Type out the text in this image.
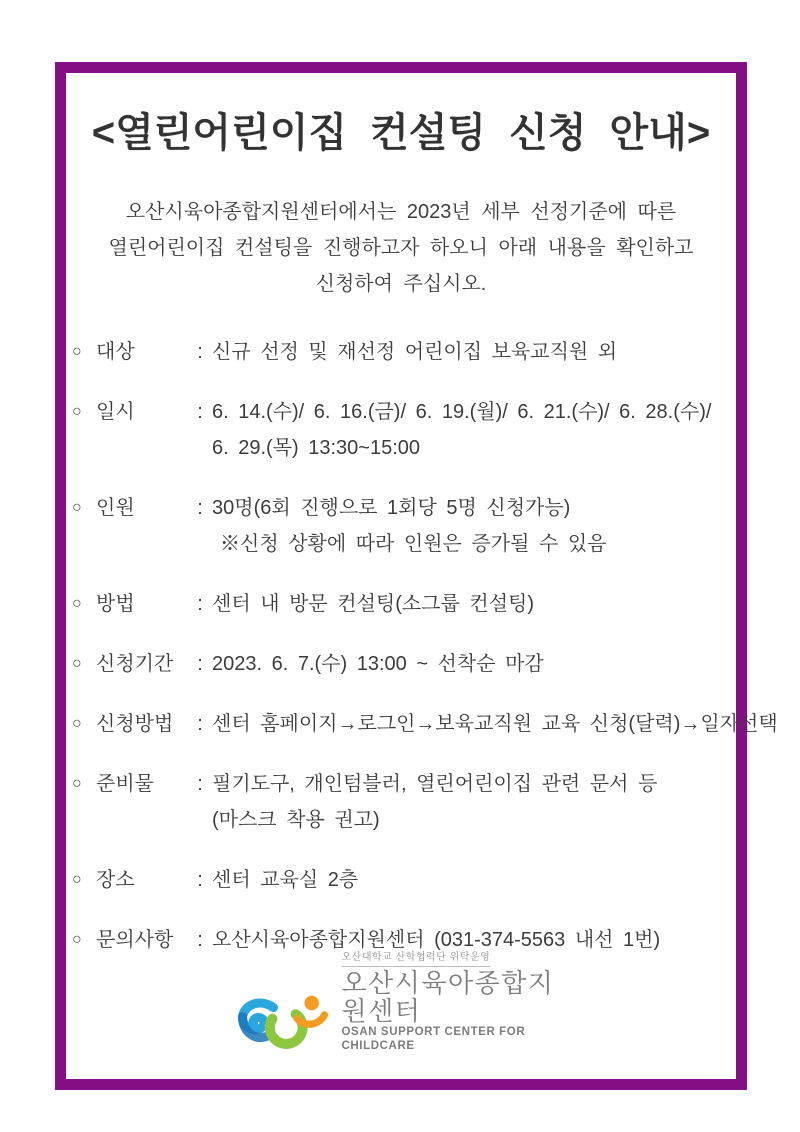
<열린어린이집 컨설팅 신청 안내>
오산시육아종합지원센터에서는 2023년 세부 선정기준에 따른
열린어린이집 컨설팅을 진행하고자 하오니 아래 내용을 확인하고
신청하여 주십시오.
○ 대상	: 신규 선정 및 재선정 어린이집 보육교직원 외
○ 일시	: 6. 14.(수)/ 6. 16.(금)/ 6. 19.(월)/ 6. 21.(수)/ 6. 28.(수)/
6. 29.(목) 13:30~15:00
○ 인원	: 30명(6회 진행으로 1회당 5명 신청가능)
※신청 상황에 따라 인원은 증가될 수 있음
○ 방법	: 센터 내 방문 컨설팅(소그룹 컨설팅)
○ 신청기간	: 2023. 6. 7.(수) 13:00 ~ 선착순 마감
○ 신청방법	: 센터 홈페이지→로그인→보육교직원 교육 신청(달력)→일자선택
○ 준비물	: 필기도구, 개인텀블러, 열린어린이집 관련 문서 등
(마스크 착용 권고)
○ 장소	: 센터 교육실 2층
○ 문의사항	: 오산시육아종합지원센터 (031-374-5563 내선 1번)
오산대학교 산학협력단 위탁운영
오산시육아종합지원센터
OSAN SUPPORT CENTER FOR CHILDCARE
